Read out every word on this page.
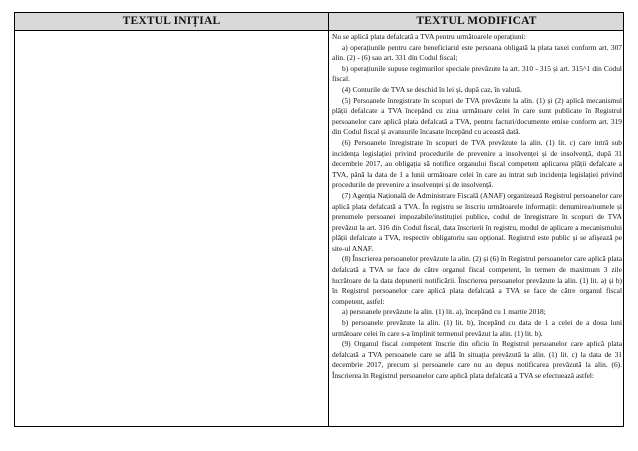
TEXTUL INIȚIAL	TEXTUL MODIFICAT

Nu se aplică plata defalcată a TVA pentru următoarele operațiuni:

a) operațiunile pentru care beneficiarul este persoana obligată la plata taxei conform art. 307 alin. (2) - (6) sau art. 331 din Codul fiscal;

b) operațiunile supuse regimurilor speciale prevăzute la art. 310 - 315 și art. 315^1 din Codul fiscal.

(4) Conturile de TVA se deschid în lei și, după caz, în valută.

(5) Persoanele înregistrate în scopuri de TVA prevăzute la alin. (1) și (2) aplică mecanismul plății defalcate a TVA începând cu ziua următoare celei în care sunt publicate în Registrul persoanelor care aplică plata defalcată a TVA, pentru facturi/documente emise conform art. 319 din Codul fiscal și avansurile încasate începând cu această dată.

(6) Persoanele înregistrate în scopuri de TVA prevăzute la alin. (1) lit. c) care intră sub incidența legislației privind procedurile de prevenire a insolvenței și de insolvență, după 31 decembrie 2017, au obligația să notifice organului fiscal competent aplicarea plății defalcate a TVA, până la data de 1 a lunii următoare celei în care au intrat sub incidența legislației privind procedurile de prevenire a insolvenței și de insolvență.

(7) Agenția Națională de Administrare Fiscală (ANAF) organizează Registrul persoanelor care aplică plata defalcată a TVA. În registru se înscriu următoarele informații: denumirea/numele și prenumele persoanei impozabile/instituției publice, codul de înregistrare în scopuri de TVA prevăzut la art. 316 din Codul fiscal, data înscrierii în registru, modul de aplicare a mecanismului plății defalcate a TVA, respectiv obligatoriu sau opțional. Registrul este public și se afișează pe site-ul ANAF.

(8) Înscrierea persoanelor prevăzute la alin. (2) și (6) în Registrul persoanelor care aplică plata defalcată a TVA se face de către organul fiscal competent, în termen de maximum 3 zile lucrătoare de la data depunerii notificării. Înscrierea persoanelor prevăzute la alin. (1) lit. a) și b) în Registrul persoanelor care aplică plata defalcată a TVA se face de către organul fiscal competent, astfel:

a) persoanele prevăzute la alin. (1) lit. a), începând cu 1 martie 2018;

b) persoanele prevăzute la alin. (1) lit. b), începând cu data de 1 a celei de a doua luni următoare celei în care s-a împlinit termenul prevăzut la alin. (1) lit. b).

(9) Organul fiscal competent înscrie din oficiu în Registrul persoanelor care aplică plata defalcată a TVA persoanele care se află în situația prevăzută la alin. (1) lit. c) la data de 31 decembrie 2017, precum și persoanele care nu au depus notificarea prevăzută la alin. (6). Înscrierea în Registrul persoanelor care aplică plata defalcată a TVA se efectuează astfel:
